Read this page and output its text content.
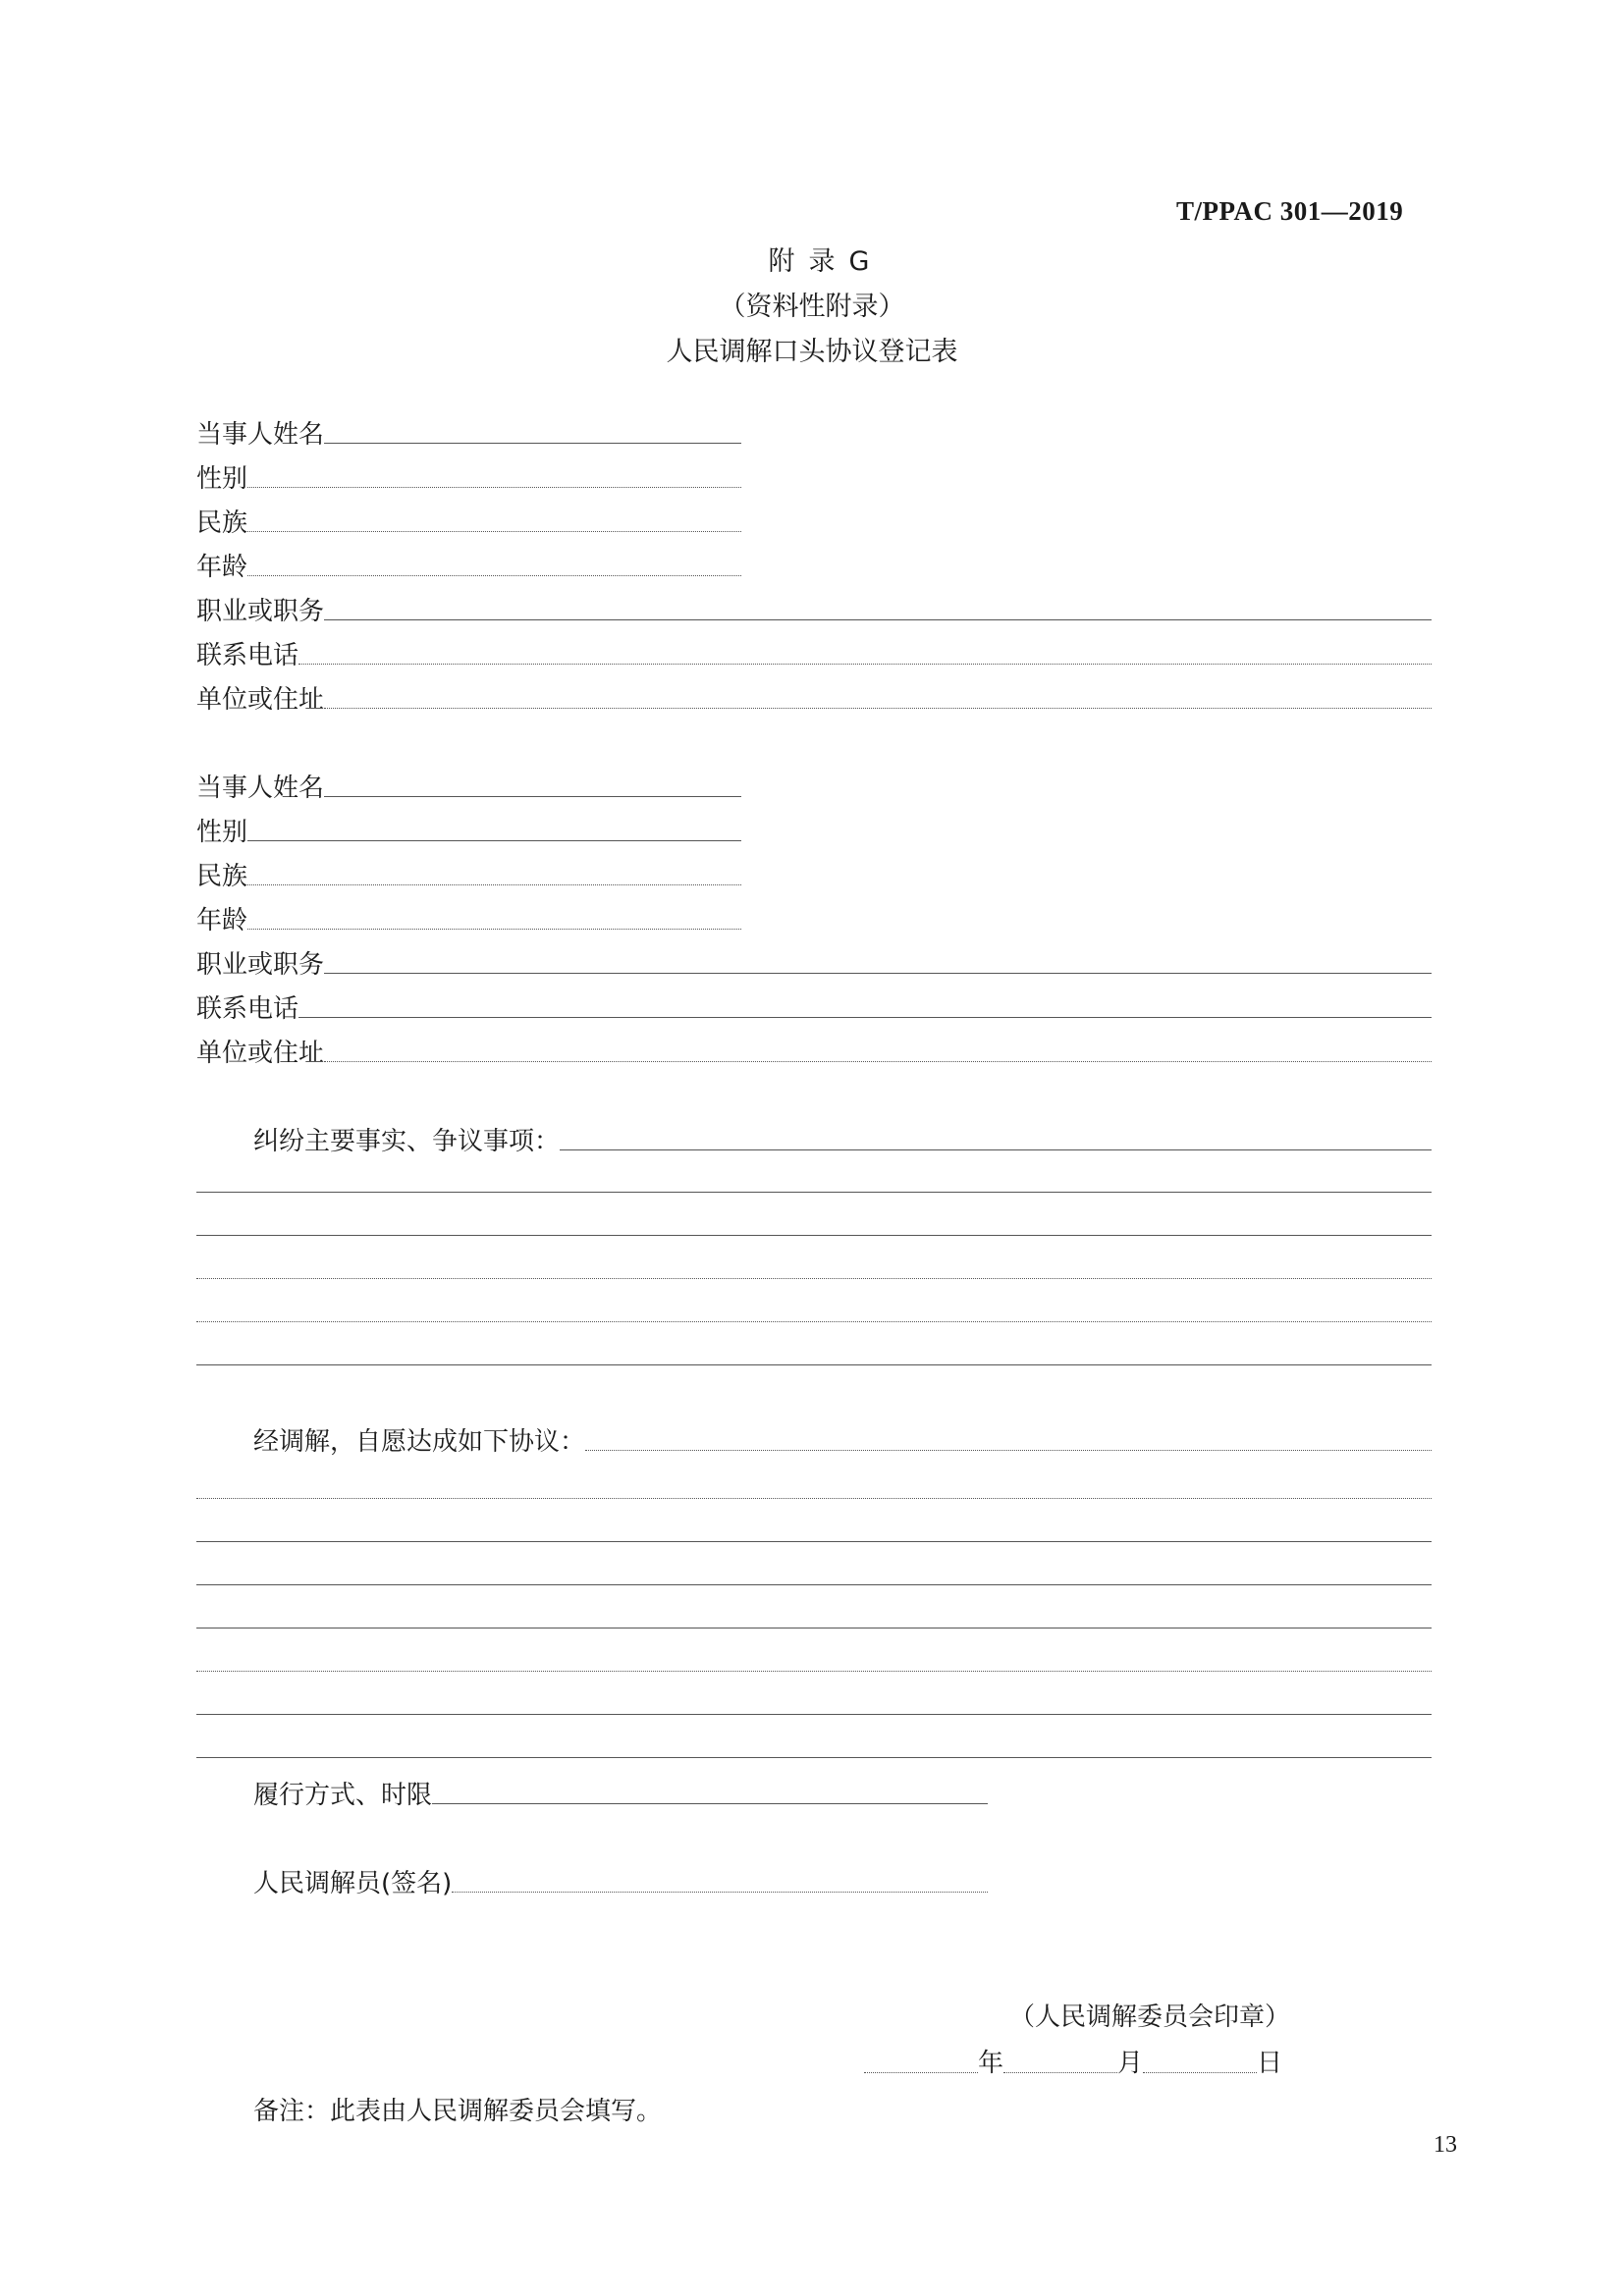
T/PPAC 301—2019
附录G
（资料性附录）
人民调解口头协议登记表
当事人姓名
性别
民族
年龄
职业或职务
联系电话
单位或住址
当事人姓名
性别
民族
年龄
职业或职务
联系电话
单位或住址
纠纷主要事实、争议事项：
经调解，自愿达成如下协议：
履行方式、时限
人民调解员(签名)
（人民调解委员会印章）
年	月	日
备注：此表由人民调解委员会填写。
13
